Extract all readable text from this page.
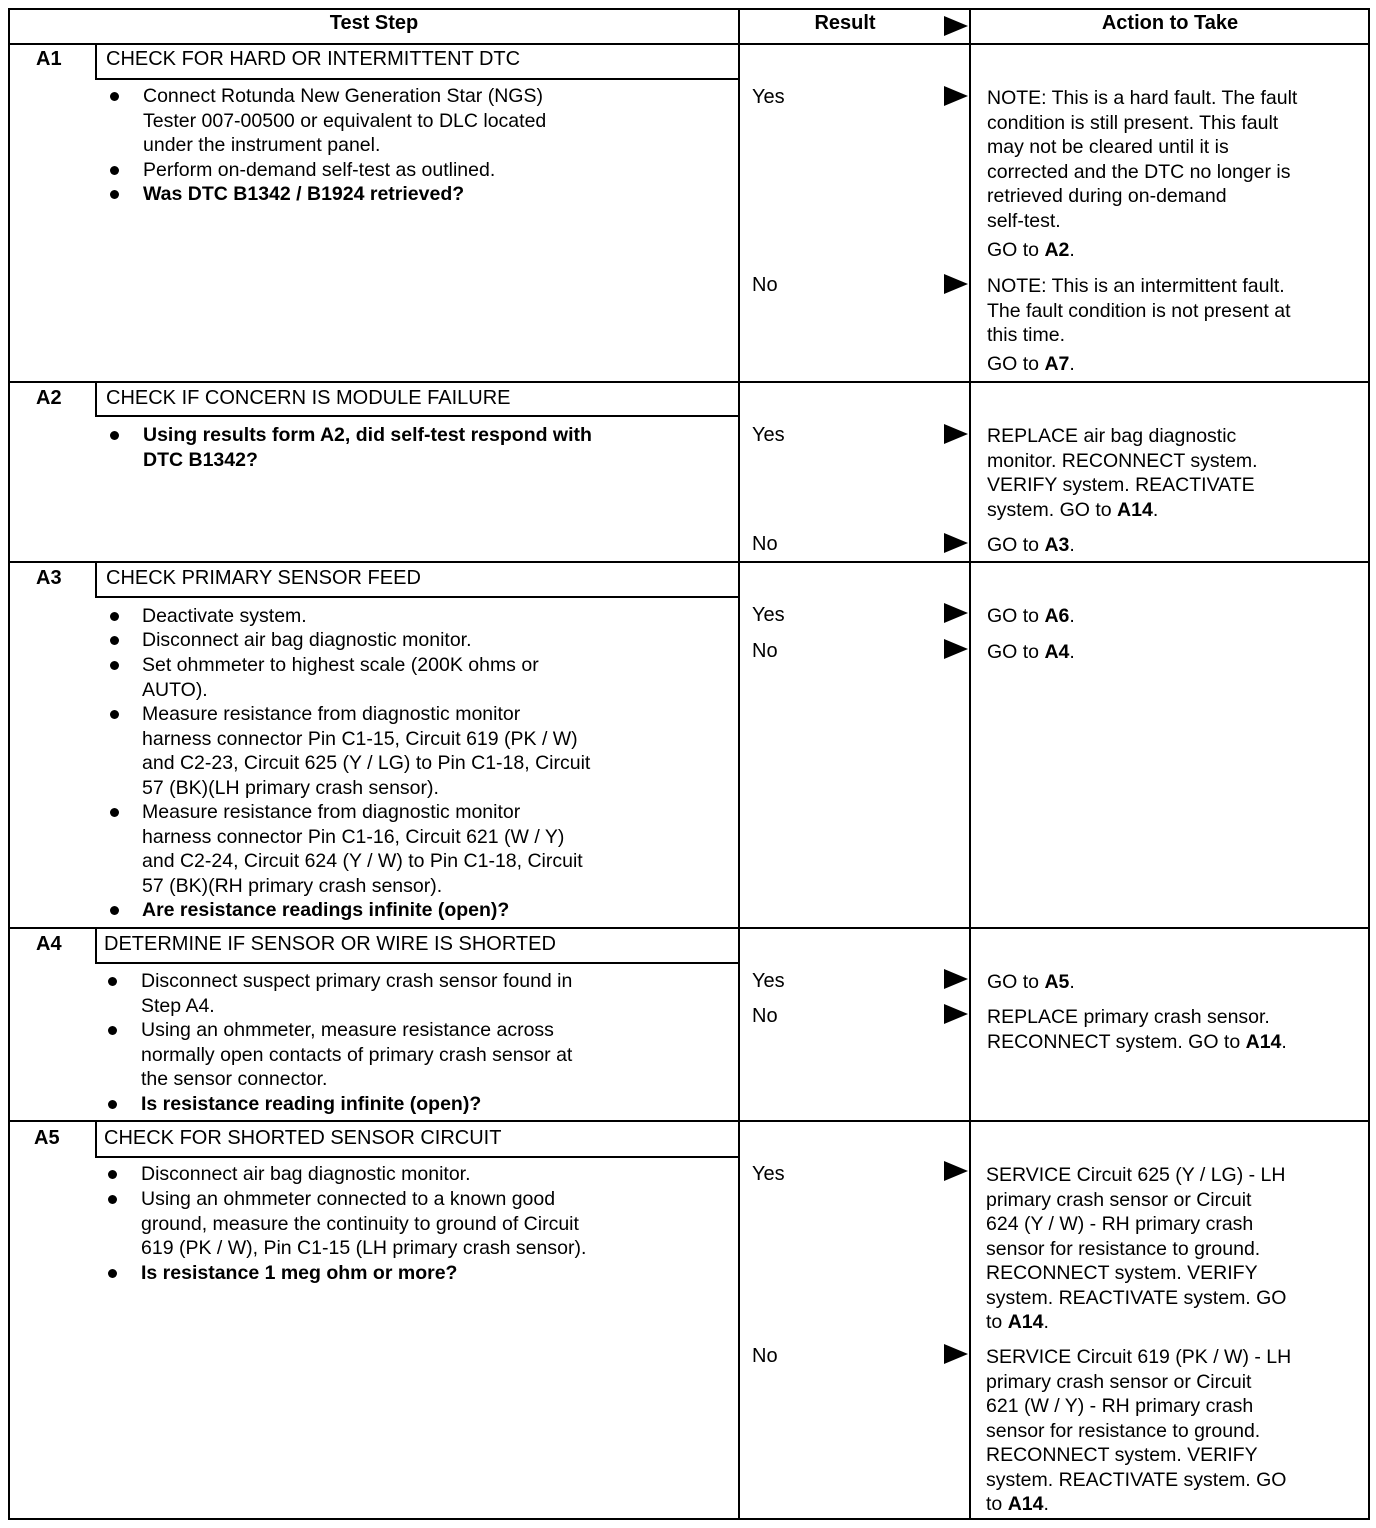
Test Step	Result	Action to Take
A1 CHECK FOR HARD OR INTERMITTENT DTC
Connect Rotunda New Generation Star (NGS)
Tester 007-00500 or equivalent to DLC located
under the instrument panel.
Perform on-demand self-test as outlined.
Was DTC B1342 / B1924 retrieved?
Yes	NOTE: This is a hard fault. The fault
condition is still present. This fault
may not be cleared until it is
corrected and the DTC no longer is
retrieved during on-demand
self-test.
GO to A2.
No	NOTE: This is an intermittent fault.
The fault condition is not present at
this time.
GO to A7.
A2 CHECK IF CONCERN IS MODULE FAILURE
Using results form A2, did self-test respond with
DTC B1342?
Yes	REPLACE air bag diagnostic
monitor. RECONNECT system.
VERIFY system. REACTIVATE
system. GO to A14.
No	GO to A3.
A3 CHECK PRIMARY SENSOR FEED
Deactivate system.
Disconnect air bag diagnostic monitor.
Set ohmmeter to highest scale (200K ohms or
AUTO).
Measure resistance from diagnostic monitor
harness connector Pin C1-15, Circuit 619 (PK / W)
and C2-23, Circuit 625 (Y / LG) to Pin C1-18, Circuit
57 (BK)(LH primary crash sensor).
Measure resistance from diagnostic monitor
harness connector Pin C1-16, Circuit 621 (W / Y)
and C2-24, Circuit 624 (Y / W) to Pin C1-18, Circuit
57 (BK)(RH primary crash sensor).
Are resistance readings infinite (open)?
Yes	GO to A6.
No	GO to A4.
A4 DETERMINE IF SENSOR OR WIRE IS SHORTED
Disconnect suspect primary crash sensor found in
Step A4.
Using an ohmmeter, measure resistance across
normally open contacts of primary crash sensor at
the sensor connector.
Is resistance reading infinite (open)?
Yes	GO to A5.
No	REPLACE primary crash sensor.
RECONNECT system. GO to A14.
A5 CHECK FOR SHORTED SENSOR CIRCUIT
Disconnect air bag diagnostic monitor.
Using an ohmmeter connected to a known good
ground, measure the continuity to ground of Circuit
619 (PK / W), Pin C1-15 (LH primary crash sensor).
Is resistance 1 meg ohm or more?
Yes	SERVICE Circuit 625 (Y / LG) - LH
primary crash sensor or Circuit
624 (Y / W) - RH primary crash
sensor for resistance to ground.
RECONNECT system. VERIFY
system. REACTIVATE system. GO
to A14.
No	SERVICE Circuit 619 (PK / W) - LH
primary crash sensor or Circuit
621 (W / Y) - RH primary crash
sensor for resistance to ground.
RECONNECT system. VERIFY
system. REACTIVATE system. GO
to A14.
